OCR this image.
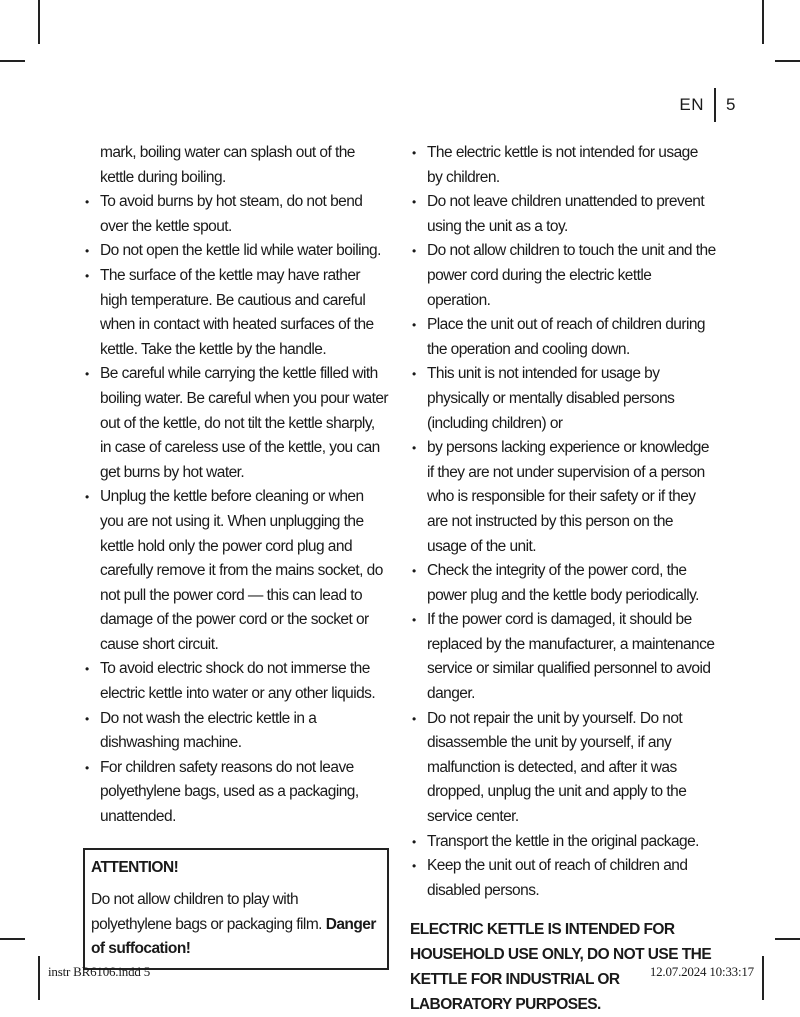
EN	5
mark, boiling water can splash out of the kettle during boiling.
• To avoid burns by hot steam, do not bend over the kettle spout.
• Do not open the kettle lid while water boiling.
• The surface of the kettle may have rather high temperature. Be cautious and careful when in contact with heated surfaces of the kettle. Take the kettle by the handle.
• Be careful while carrying the kettle filled with boiling water. Be careful when you pour water out of the kettle, do not tilt the kettle sharply, in case of careless use of the kettle, you can get burns by hot water.
• Unplug the kettle before cleaning or when you are not using it. When unplugging the kettle hold only the power cord plug and carefully remove it from the mains socket, do not pull the power cord — this can lead to damage of the power cord or the socket or cause short circuit.
• To avoid electric shock do not immerse the electric kettle into water or any other liquids.
• Do not wash the electric kettle in a dishwashing machine.
• For children safety reasons do not leave polyethylene bags, used as a packaging, unattended.
ATTENTION!
Do not allow children to play with polyethylene bags or packaging film. Danger of suffocation!
• The electric kettle is not intended for usage by children.
• Do not leave children unattended to prevent using the unit as a toy.
• Do not allow children to touch the unit and the power cord during the electric kettle operation.
• Place the unit out of reach of children during the operation and cooling down.
• This unit is not intended for usage by physically or mentally disabled persons (including children) or
• by persons lacking experience or knowledge if they are not under supervision of a person who is responsible for their safety or if they are not instructed by this person on the usage of the unit.
• Check the integrity of the power cord, the power plug and the kettle body periodically.
• If the power cord is damaged, it should be replaced by the manufacturer, a maintenance service or similar qualified personnel to avoid danger.
• Do not repair the unit by yourself. Do not disassemble the unit by yourself, if any malfunction is detected, and after it was dropped, unplug the unit and apply to the service center.
• Transport the kettle in the original package.
• Keep the unit out of reach of children and disabled persons.
ELECTRIC KETTLE IS INTENDED FOR HOUSEHOLD USE ONLY, DO NOT USE THE KETTLE FOR INDUSTRIAL OR LABORATORY PURPOSES.
instr BR6106.indd 5	12.07.2024 10:33:17
